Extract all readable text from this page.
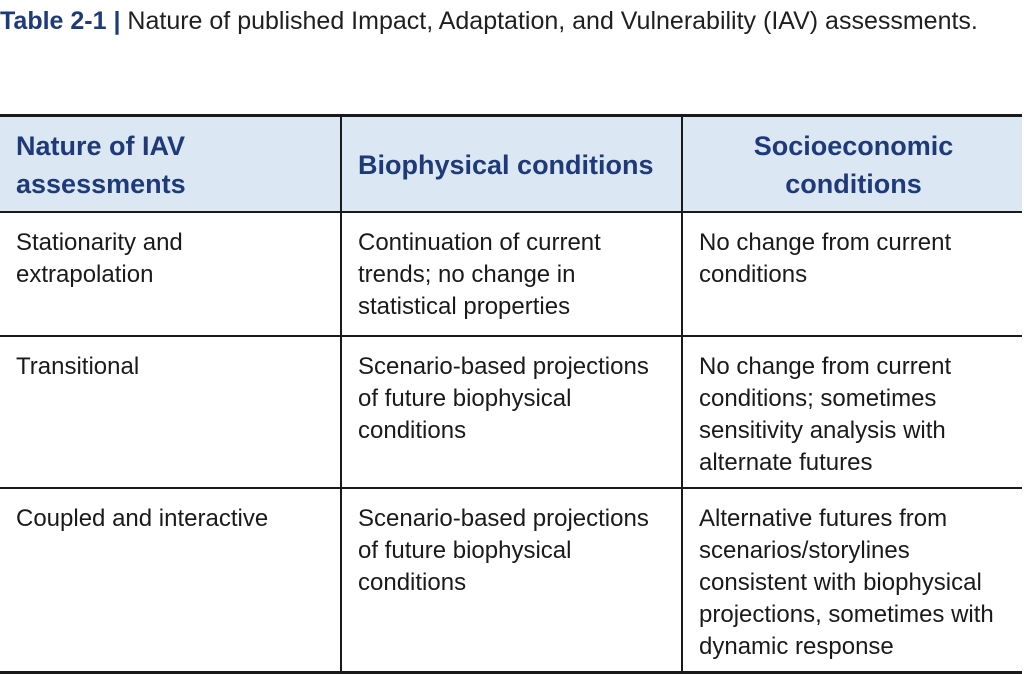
Table 2-1 | Nature of published Impact, Adaptation, and Vulnerability (IAV) assessments.
Nature of IAV assessments	Biophysical conditions	Socioeconomic conditions
Stationarity and extrapolation	Continuation of current trends; no change in statistical properties	No change from current conditions
Transitional	Scenario-based projections of future biophysical conditions	No change from current conditions; sometimes sensitivity analysis with alternate futures
Coupled and interactive	Scenario-based projections of future biophysical conditions	Alternative futures from scenarios/storylines consistent with biophysical projections, sometimes with dynamic response
